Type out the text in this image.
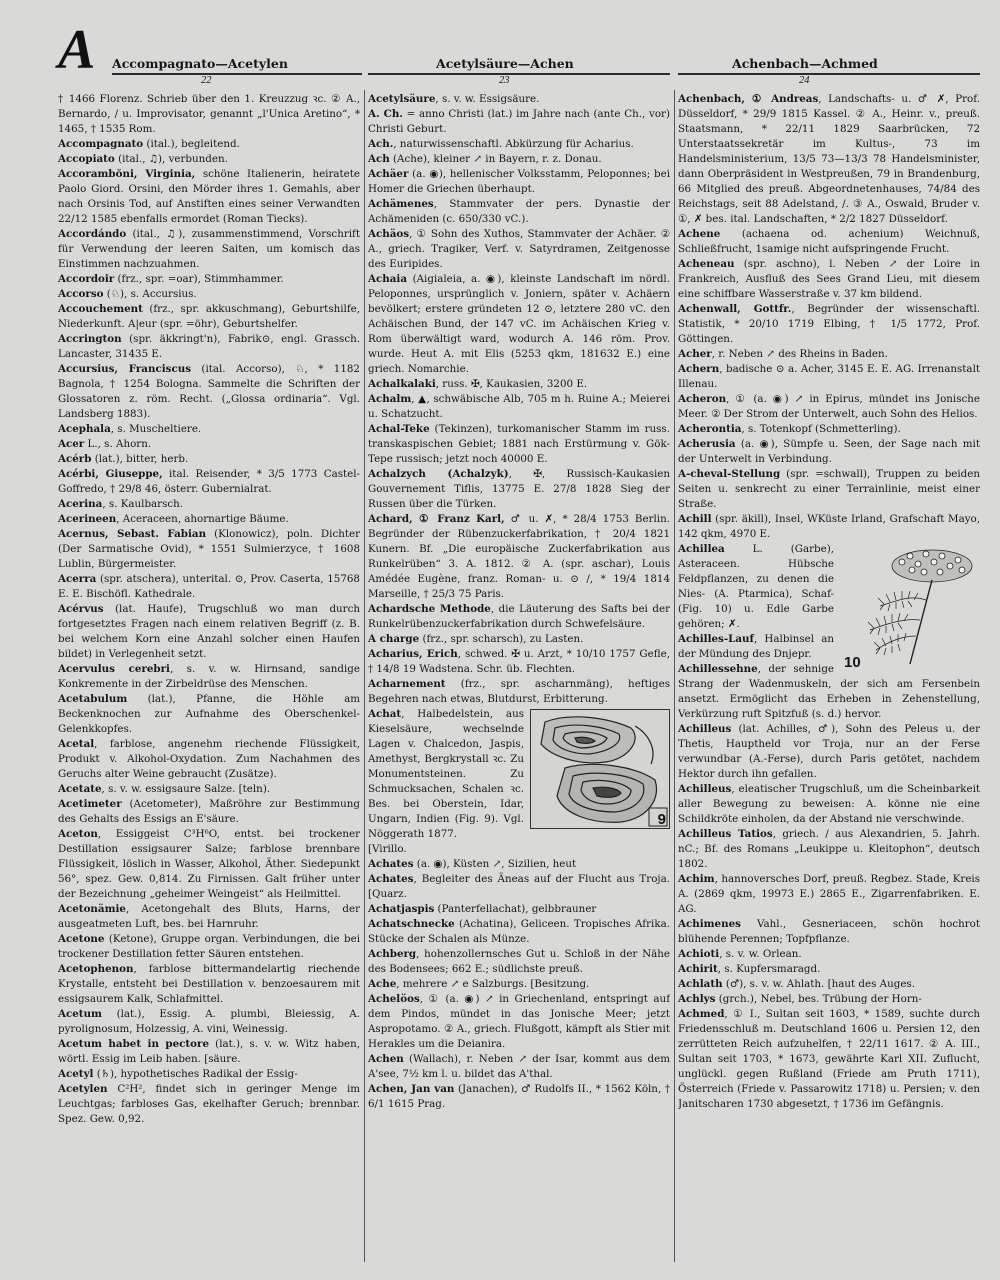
A Accompagnato—Acetylen	Acetylsäure—Achen	Achenbach—Achmed
22	23	24

† 1466 Florenz. Schrieb über den 1. Kreuzzug ꝛc. ② A., Bernardo, / u. Improvisator, genannt „l'Unica Aretino“, * 1465, † 1535 Rom.

Accompagnato (ital.), begleitend.

Accopiato (ital., ♫), verbunden.

Accorambŏni, Virginia, schöne Italienerin, heiratete Paolo Giord. Orsini, den Mörder ihres 1. Gemahls, aber nach Orsinis Tod, auf Anstiften eines seiner Verwandten 22/12 1585 ebenfalls ermordet (Roman Tiecks).

Accordándo (ital., ♫), zusammenstimmend, Vorschrift für Verwendung der leeren Saiten, um komisch das Einstimmen nachzuahmen.

Accordoir (frz., spr. =oar), Stimmhammer.

Accorso (♘), s. Accursius.

Accouchement (frz., spr. akkuschmang), Geburtshilfe, Niederkunft. A|eur (spr. =öhr), Geburtshelfer.

Accrington (spr. äkkringt'n), Fabrik⊙, engl. Grassch. Lancaster, 31435 E.

Accursius, Franciscus (ital. Accorso), ♘, * 1182 Bagnola, † 1254 Bologna. Sammelte die Schriften der Glossatoren z. röm. Recht. („Glossa ordinaria“. Vgl. Landsberg 1883).

Acephala, s. Muscheltiere.

Acer L., s. Ahorn.

Acérb (lat.), bitter, herb.

Acérbi, Giuseppe, ital. Reisender, * 3/5 1773 Castel-Goffredo, † 29/8 46, österr. Gubernialrat.

Acerina, s. Kaulbarsch.

Acerineen, Aceraceen, ahornartige Bäume.

Acernus, Sebast. Fabian (Klonowicz), poln. Dichter (Der Sarmatische Ovid), * 1551 Sulmierzyce, † 1608 Lublin, Bürgermeister.

Acerra (spr. atschera), unterital. ⊙, Prov. Caserta, 15768 E. E. Bischöfl. Kathedrale.

Acérvus (lat. Haufe), Trugschluß wo man durch fortgesetztes Fragen nach einem relativen Begriff (z. B. bei welchem Korn eine Anzahl solcher einen Haufen bildet) in Verlegenheit setzt.

Acervulus cerebri, s. v. w. Hirnsand, sandige Konkremente in der Zirbeldrüse des Menschen.

Acetabulum (lat.), Pfanne, die Höhle am Beckenknochen zur Aufnahme des Oberschenkel-Gelenkkopfes.

Acetal, farblose, angenehm riechende Flüssigkeit, Produkt v. Alkohol-Oxydation. Zum Nachahmen des Geruchs alter Weine gebraucht (Zusätze).

Acetate, s. v. w. essigsaure Salze. [teln).

Acetimeter (Acetometer), Maßröhre zur Bestimmung des Gehalts des Essigs an E'säure.

Aceton, Essiggeist C³H⁶O, entst. bei trockener Destillation essigsaurer Salze; farblose brennbare Flüssigkeit, löslich in Wasser, Alkohol, Äther. Siedepunkt 56°, spez. Gew. 0,814. Zu Firnissen. Galt früher unter der Bezeichnung „geheimer Weingeist“ als Heilmittel.

Acetonämie, Acetongehalt des Bluts, Harns, der ausgeatmeten Luft, bes. bei Harnruhr.

Acetone (Ketone), Gruppe organ. Verbindungen, die bei trockener Destillation fetter Säuren entstehen.

Acetophenon, farblose bittermandelartig riechende Krystalle, entsteht bei Destillation v. benzoesaurem mit essigsaurem Kalk, Schlafmittel.

Acetum (lat.), Essig. A. plumbi, Bleiessig, A. pyrolignosum, Holzessig, A. vini, Weinessig.

Acetum habet in pectore (lat.), s. v. w. Witz haben, wörtl. Essig im Leib haben. [säure.

Acetyl (♄), hypothetisches Radikal der Essig-

Acetylen C²H², findet sich in geringer Menge im Leuchtgas; farbloses Gas, ekelhafter Geruch; brennbar. Spez. Gew. 0,92.

Acetylsäure, s. v. w. Essigsäure.

A. Ch. = anno Christi (lat.) im Jahre nach (ante Ch., vor) Christi Geburt.

Ach., naturwissenschaftl. Abkürzung für Acharius.

Ach (Ache), kleiner ↗ in Bayern, r. z. Donau.

Achäer (a. ◉), hellenischer Volksstamm, Peloponnes; bei Homer die Griechen überhaupt.

Achämenes, Stammvater der pers. Dynastie der Achämeniden (c. 650/330 vC.).

Achäos, ① Sohn des Xuthos, Stammvater der Achäer. ② A., griech. Tragiker, Verf. v. Satyrdramen, Zeitgenosse des Euripides.

Achaia (Aigialeia, a. ◉), kleinste Landschaft im nördl. Peloponnes, ursprünglich v. Joniern, später v. Achäern bevölkert; erstere gründeten 12 ⊙, letztere 280 vC. den Achäischen Bund, der 147 vC. im Achäischen Krieg v. Rom überwältigt ward, wodurch A. 146 röm. Prov. wurde. Heut A. mit Elis (5253 qkm, 181632 E.) eine griech. Nomarchie.

Achalkalaki, russ. ✠, Kaukasien, 3200 E.

Achalm, ▲, schwäbische Alb, 705 m h. Ruine A.; Meierei u. Schatzucht.

Achal-Teke (Tekinzen), turkomanischer Stamm im russ. transkaspischen Gebiet; 1881 nach Erstürmung v. Gök-Tepe russisch; jetzt noch 40000 E.

Achalzych (Achalzyk), ✠, Russisch-Kaukasien Gouvernement Tiflis, 13775 E. 27/8 1828 Sieg der Russen über die Türken.

Achard, ① Franz Karl, ♂ u. ✗, * 28/4 1753 Berlin. Begründer der Rübenzuckerfabrikation, † 20/4 1821 Kunern. Bf. „Die europäische Zuckerfabrikation aus Runkelrüben“ 3. A. 1812. ② A. (spr. aschar), Louis Amédée Eugène, franz. Roman- u. ⊙ /, * 19/4 1814 Marseille, † 25/3 75 Paris.

Achardsche Methode, die Läuterung des Safts bei der Runkelrübenzuckerfabrikation durch Schwefelsäure.

A charge (frz., spr. scharsch), zu Lasten.

Acharius, Erich, schwed. ✠ u. Arzt, * 10/10 1757 Gefle, † 14/8 19 Wadstena. Schr. üb. Flechten.

Acharnement (frz., spr. ascharnmäng), heftiges Begehren nach etwas, Blutdurst, Erbitterung.

9

Achat, Halbedelstein, aus Kieselsäure, wechselnde Lagen v. Chalcedon, Jaspis, Amethyst, Bergkrystall ꝛc. Zu Monumentsteinen. Zu Schmucksachen, Schalen ꝛc. Bes. bei Oberstein, Idar, Ungarn, Indien (Fig. 9). Vgl. Nöggerath 1877.

[Virillo.

Achates (a. ◉), Küsten ↗, Sizilien, heut

Achates, Begleiter des Äneas auf der Flucht aus Troja. [Quarz.

Achatjaspis (Panterfellachat), gelbbrauner

Achatschnecke (Achatina), Geliceen. Tropisches Afrika. Stücke der Schalen als Münze.

Achberg, hohenzollernsches Gut u. Schloß in der Nähe des Bodensees; 662 E.; südlichste preuß.

Ache, mehrere ↗ e Salzburgs. [Besitzung.

Achelöos, ① (a. ◉) ↗ in Griechenland, entspringt auf dem Pindos, mündet in das Jonische Meer; jetzt Aspropotamo. ② A., griech. Flußgott, kämpft als Stier mit Herakles um die Deianira.

Achen (Wallach), r. Neben ↗ der Isar, kommt aus dem A'see, 7½ km l. u. bildet das A'thal.

Achen, Jan van (Janachen), ♂ Rudolfs II., * 1562 Köln, † 6/1 1615 Prag.

Achenbach, ① Andreas, Landschafts- u. ♂ ✗, Prof. Düsseldorf, * 29/9 1815 Kassel. ② A., Heinr. v., preuß. Staatsmann, * 22/11 1829 Saarbrücken, 72 Unterstaatssekretär im Kultus-, 73 im Handelsministerium, 13/5 73—13/3 78 Handelsminister, dann Oberpräsident in Westpreußen, 79 in Brandenburg, 66 Mitglied des preuß. Abgeordnetenhauses, 74/84 des Reichstags, seit 88 Adelstand, /. ③ A., Oswald, Bruder v. ①, ✗ bes. ital. Landschaften, * 2/2 1827 Düsseldorf.

Achene (achaena od. achenium) Weichnuß, Schließfrucht, 1samige nicht aufspringende Frucht.

Acheneau (spr. aschno), l. Neben ↗ der Loire in Frankreich, Ausfluß des Sees Grand Lieu, mit diesem eine schiffbare Wasserstraße v. 37 km bildend.

Achenwall, Gottfr., Begründer der wissenschaftl. Statistik, * 20/10 1719 Elbing, † 1/5 1772, Prof. Göttingen.

Acher, r. Neben ↗ des Rheins in Baden.

Achern, badische ⊙ a. Acher, 3145 E. E. AG. Irrenanstalt Illenau.

Acheron, ① (a. ◉) ↗ in Epirus, mündet ins Jonische Meer. ② Der Strom der Unterwelt, auch Sohn des Helios.

Acherontia, s. Totenkopf (Schmetterling).

Acherusia (a. ◉), Sümpfe u. Seen, der Sage nach mit der Unterwelt in Verbindung.

A-cheval-Stellung (spr. =schwall), Truppen zu beiden Seiten u. senkrecht zu einer Terrainlinie, meist einer Straße.

Achill (spr. äkill), Insel, WKüste Irland, Grafschaft Mayo, 142 qkm, 4970 E.

10

Achillea L. (Garbe), Asteraceen. Hübsche Feldpflanzen, zu denen die Nies- (A. Ptarmica), Schaf- (Fig. 10) u. Edle Garbe gehören; ✗.

Achilles-Lauf, Halbinsel an der Mündung des Dnjepr.

Achillessehne, der sehnige Strang der Wadenmuskeln, der sich am Fersenbein ansetzt. Ermöglicht das Erheben in Zehenstellung, Verkürzung ruft Spitzfuß (s. d.) hervor.

Achilleus (lat. Achilles, ♂), Sohn des Peleus u. der Thetis, Hauptheld vor Troja, nur an der Ferse verwundbar (A.-Ferse), durch Paris getötet, nachdem Hektor durch ihn gefallen.

Achilleus, eleatischer Trugschluß, um die Scheinbarkeit aller Bewegung zu beweisen: A. könne nie eine Schildkröte einholen, da der Abstand nie verschwinde.

Achilleus Tatios, griech. / aus Alexandrien, 5. Jahrh. nC.; Bf. des Romans „Leukippe u. Kleitophon“, deutsch 1802.

Achim, hannoversches Dorf, preuß. Regbez. Stade, Kreis A. (2869 qkm, 19973 E.) 2865 E., Zigarrenfabriken. E. AG.

Achimenes Vahl., Gesneriaceen, schön hochrot blühende Perennen; Topfpflanze.

Achioti, s. v. w. Orlean.

Achirit, s. Kupfersmaragd.

Achlath (♂), s. v. w. Ahlath. [haut des Auges.

Achlys (grch.), Nebel, bes. Trübung der Horn-

Achmed, ① I., Sultan seit 1603, * 1589, suchte durch Friedensschluß m. Deutschland 1606 u. Persien 12, den zerrütteten Reich aufzuhelfen, † 22/11 1617. ② A. III., Sultan seit 1703, * 1673, gewährte Karl XII. Zuflucht, unglückl. gegen Rußland (Friede am Pruth 1711), Österreich (Friede v. Passarowitz 1718) u. Persien; v. den Janitscharen 1730 abgesetzt, † 1736 im Gefängnis.
